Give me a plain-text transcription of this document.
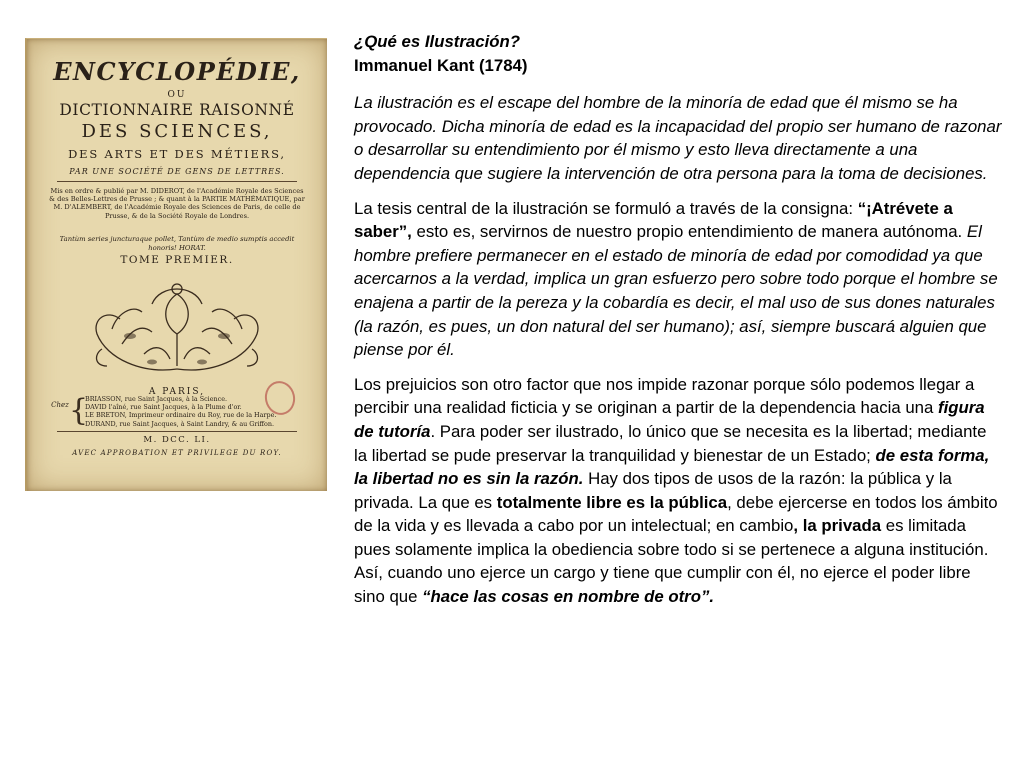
ENCYCLOPÉDIE,
OU
DICTIONNAIRE RAISONNÉ
DES SCIENCES,
DES ARTS ET DES MÉTIERS,
PAR UNE SOCIÉTÉ DE GENS DE LETTRES.
Mis en ordre & publié par M. DIDEROT, de l'Académie Royale des Sciences & des Belles-Lettres de Prusse ; & quant à la PARTIE MATHÉMATIQUE, par M. D'ALEMBERT, de l'Académie Royale des Sciences de Paris, de celle de Prusse, & de la Société Royale de Londres.
Tantùm series juncturaque pollet, Tantùm de medio sumptis accedit honoris! HORAT.
TOME PREMIER.
A PARIS,
Chez {
BRIASSON, rue Saint Jacques, à la Science.
DAVID l'aîné, rue Saint Jacques, à la Plume d'or.
LE BRETON, Imprimeur ordinaire du Roy, rue de la Harpe.
DURAND, rue Saint Jacques, à Saint Landry, & au Griffon.
M. DCC. LI.
AVEC APPROBATION ET PRIVILEGE DU ROY.
¿Qué es Ilustración?
Immanuel Kant (1784)

La ilustración es el escape del hombre de la minoría de edad que él mismo se ha provocado. Dicha minoría de edad es la incapacidad del propio ser humano de razonar o desarrollar su entendimiento por él mismo y esto lleva directamente a una dependencia que sugiere la intervención de otra persona para la toma de decisiones.

La tesis central de la ilustración se formuló a través de la consigna: “¡Atrévete a saber”, esto es, servirnos de nuestro propio entendimiento de manera autónoma. El hombre prefiere permanecer en el estado de minoría de edad por comodidad ya que acercarnos a la verdad, implica un gran esfuerzo pero sobre todo porque el hombre se enajena a partir de la pereza y la cobardía es decir, el mal uso de sus dones naturales (la razón, es pues, un don natural del ser humano); así, siempre buscará alguien que piense por él.

Los prejuicios son otro factor que nos impide razonar porque sólo podemos llegar a percibir una realidad ficticia y se originan a partir de la dependencia hacia una figura de tutoría. Para poder ser ilustrado, lo único que se necesita es la libertad; mediante la libertad se pude preservar la tranquilidad y bienestar de un Estado; de esta forma, la libertad no es sin la razón. Hay dos tipos de usos de la razón: la pública y la privada. La que es totalmente libre es la pública, debe ejercerse en todos los ámbito de la vida y es llevada a cabo por un intelectual; en cambio, la privada es limitada pues solamente implica la obediencia sobre todo si se pertenece a alguna institución. Así, cuando uno ejerce un cargo y tiene que cumplir con él, no ejerce el poder libre sino que “hace las cosas en nombre de otro”.
